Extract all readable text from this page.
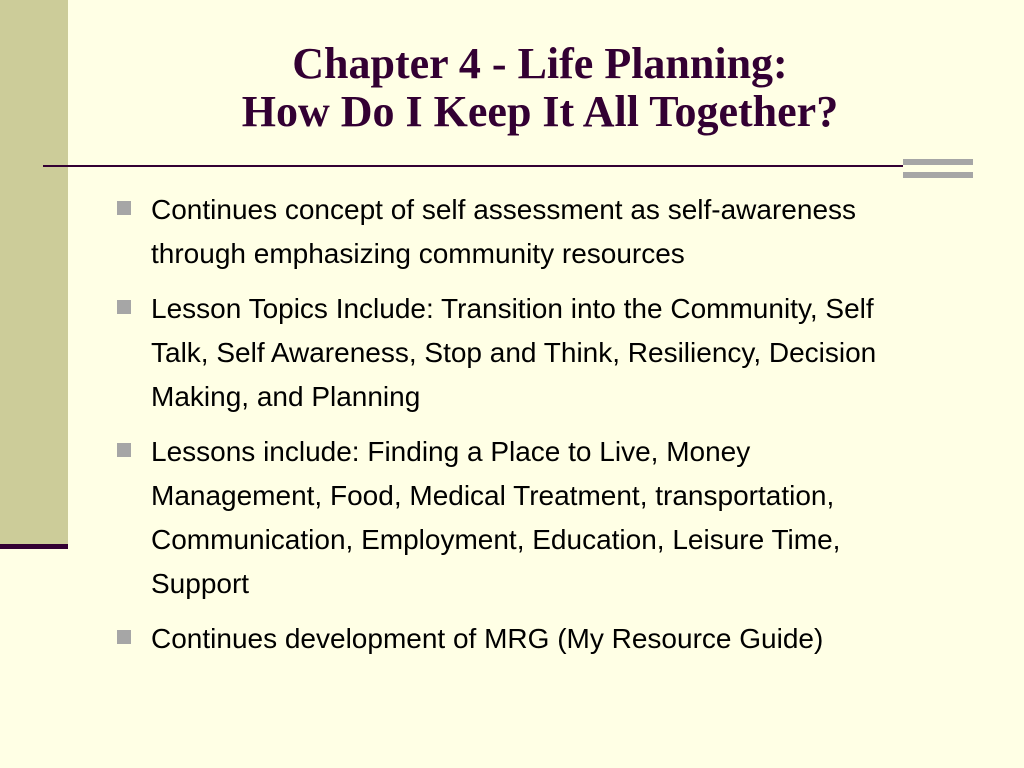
Chapter 4 - Life Planning:
How Do I Keep It All Together?
Continues concept of self assessment as self-awareness through emphasizing community resources
Lesson Topics Include: Transition into the Community, Self Talk, Self Awareness, Stop and Think, Resiliency, Decision Making, and Planning
Lessons include: Finding a Place to Live, Money Management, Food, Medical Treatment, transportation, Communication, Employment, Education, Leisure Time, Support
Continues development of MRG (My Resource Guide)
